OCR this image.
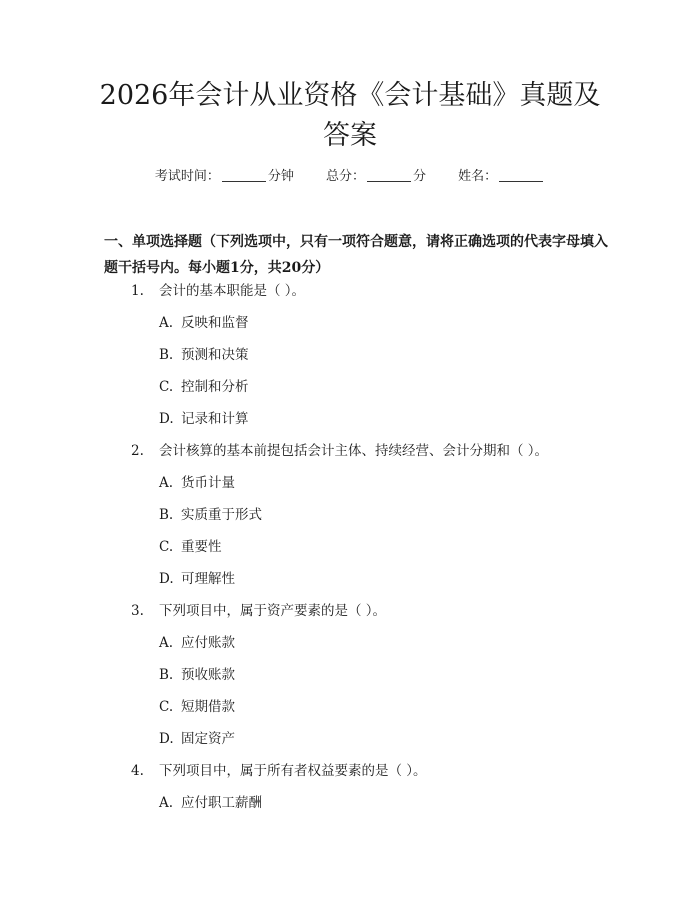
2026年会计从业资格《会计基础》真题及答案
考试时间：	分钟 总分：	分 姓名：

一、单项选择题（下列选项中，只有一项符合题意，请将正确选项的代表字母填入题干括号内。每小题1分，共20分）

1. 会计的基本职能是（ ）。
A. 反映和监督
B. 预测和决策
C. 控制和分析
D. 记录和计算
2. 会计核算的基本前提包括会计主体、持续经营、会计分期和（ ）。
A. 货币计量
B. 实质重于形式
C. 重要性
D. 可理解性
3. 下列项目中，属于资产要素的是（ ）。
A. 应付账款
B. 预收账款
C. 短期借款
D. 固定资产
4. 下列项目中，属于所有者权益要素的是（ ）。
A. 应付职工薪酬
